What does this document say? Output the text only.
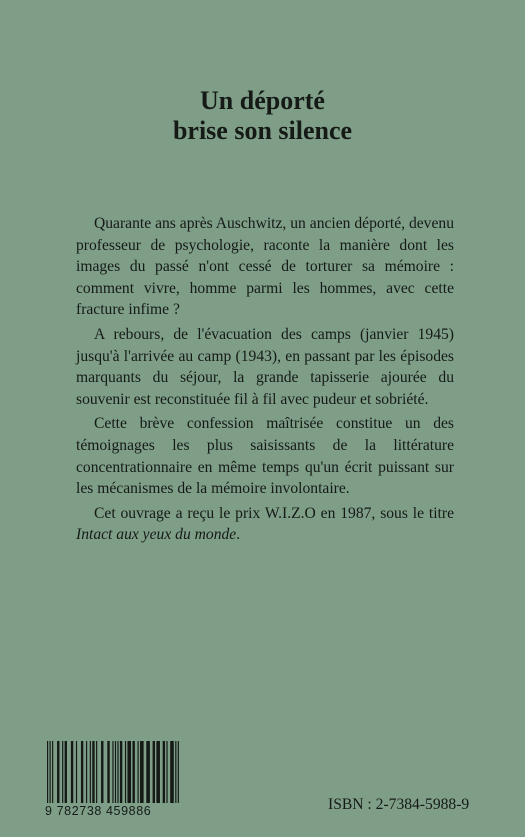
Un déporté
brise son silence

Quarante ans après Auschwitz, un ancien déporté, devenu professeur de psychologie, raconte la manière dont les images du passé n'ont cessé de torturer sa mémoire : comment vivre, homme parmi les hommes, avec cette fracture infime ?

A rebours, de l'évacuation des camps (janvier 1945) jusqu'à l'arrivée au camp (1943), en passant par les épisodes marquants du séjour, la grande tapisserie ajourée du souvenir est reconstituée fil à fil avec pudeur et sobriété.

Cette brève confession maîtrisée constitue un des témoignages les plus saisissants de la littérature concentrationnaire en même temps qu'un écrit puissant sur les mécanismes de la mémoire involontaire.

Cet ouvrage a reçu le prix W.I.Z.O en 1987, sous le titre Intact aux yeux du monde.

9 782738 459886	ISBN : 2-7384-5988-9
